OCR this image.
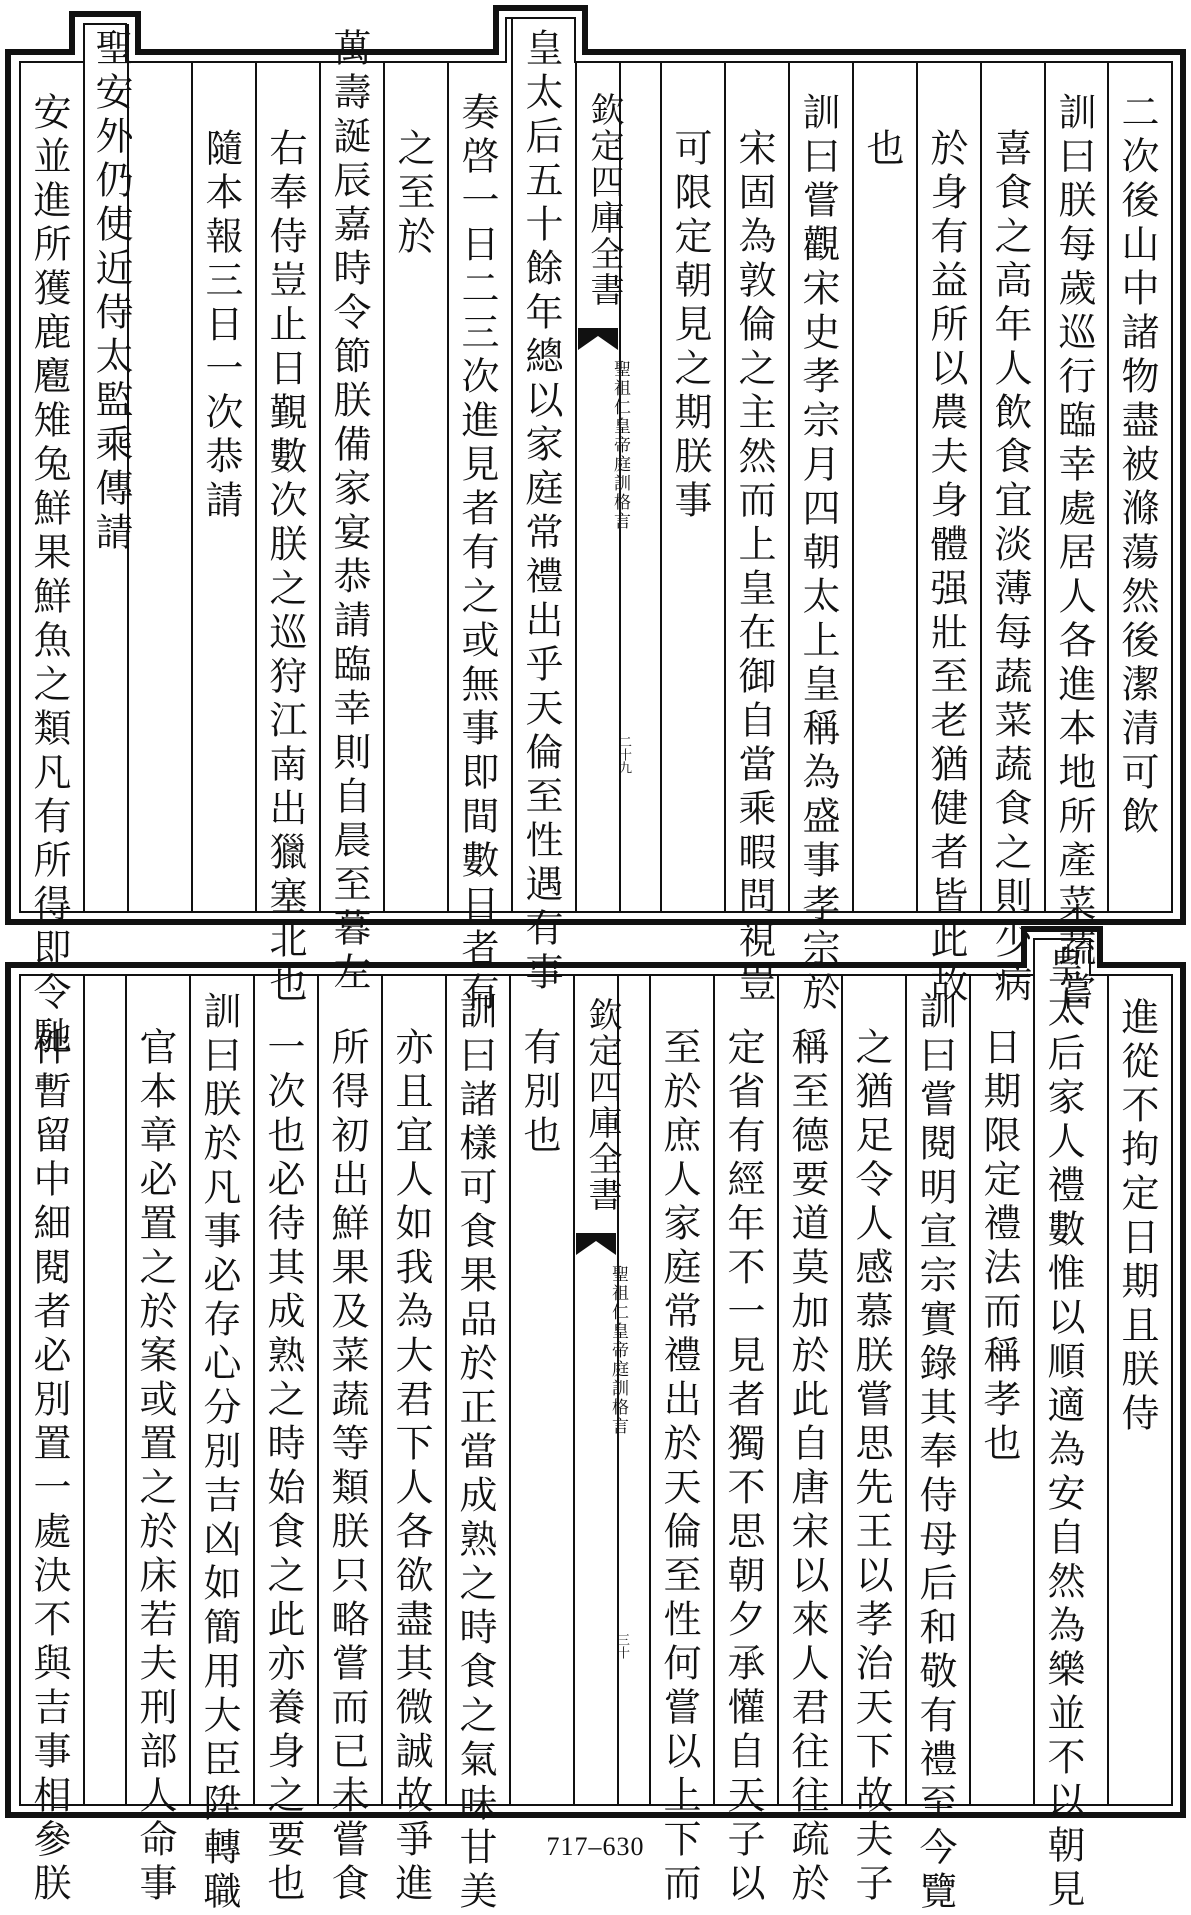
欽定四庫全書
聖祖仁皇帝庭訓格言
二十九	二次後山中諸物盡被滌蕩然後潔清可飲
訓曰朕每歲巡行臨幸處居人各進本地所產菜蔬嘗
喜食之高年人飲食宜淡薄每蔬菜蔬食之則少病
於身有益所以農夫身體强壯至老猶健者皆此故
也
訓曰嘗觀宋史孝宗月四朝太上皇稱為盛事孝宗於
宋固為敦倫之主然而上皇在御自當乘暇問視豈
可限定朝見之期朕事
皇太后五十餘年總以家庭常禮出乎天倫至性遇有事
奏啓一日二三次進見者有之或無事即間數日者有
之至於
萬壽誕辰嘉時令節朕備家宴恭請臨幸則自晨至暮左
右奉侍豈止日覲數次朕之巡狩江南出獵塞北也
隨本報三日一次恭請
聖安外仍使近侍太監乘傳請
安並進所獲鹿麅雉兔鮮果鮮魚之類凡有所得即令馳
欽定四庫全書
聖祖仁皇帝庭訓格言
三十
進從不拘定日期且朕侍
皇太后家人禮數惟以順適為安自然為樂並不以朝見
日期限定禮法而稱孝也
訓曰嘗閱明宣宗實錄其奉侍母后和敬有禮至今覽
之猶足令人感慕朕嘗思先王以孝治天下故夫子
稱至德要道莫加於此自唐宋以來人君往往疏於
定省有經年不一見者獨不思朝夕承懽自天子以
至於庶人家庭常禮出於天倫至性何嘗以上下而
有別也
訓曰諸樣可食果品於正當成熟之時食之氣味甘美
亦且宜人如我為大君下人各欲盡其微誠故爭進
所得初出鮮果及菜蔬等類朕只略嘗而已未嘗食
一次也必待其成熟之時始食之此亦養身之要也
訓曰朕於凡事必存心分別吉凶如簡用大臣陞轉職
官本章必置之於案或置之於床若夫刑部人命事
件暫留中細閱者必別置一處決不與吉事相參朕	717–630
